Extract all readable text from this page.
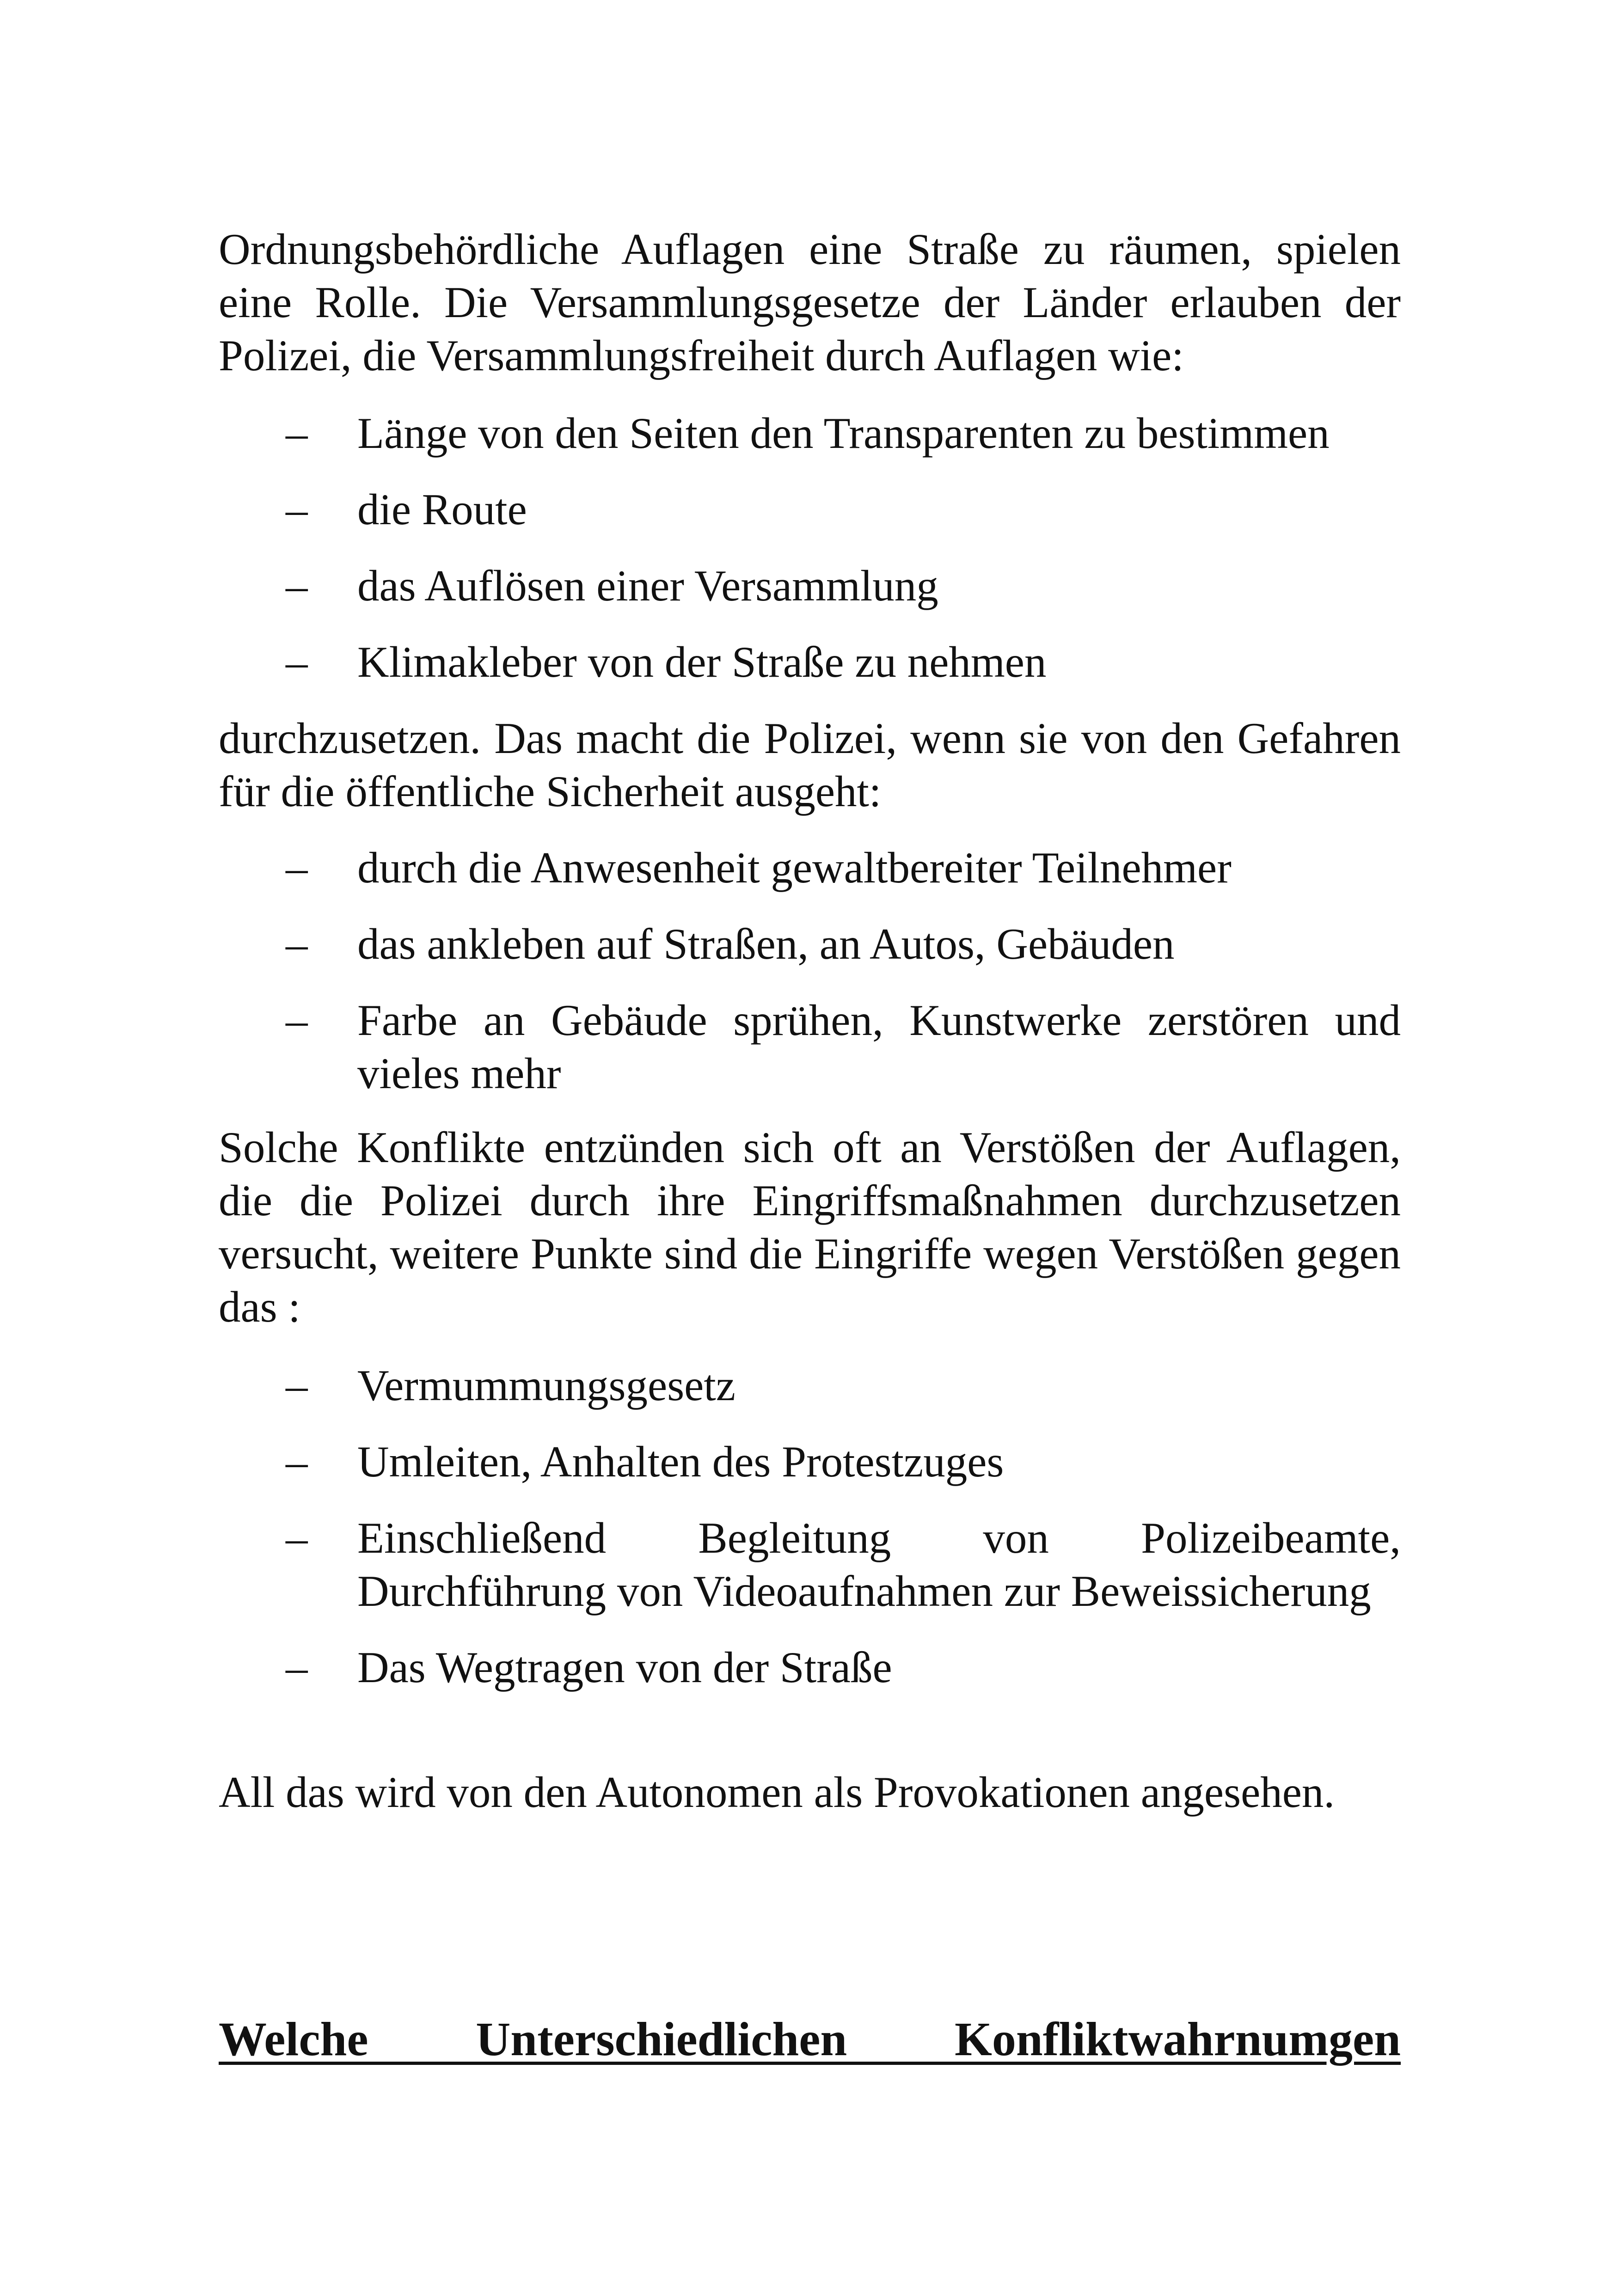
Ordnungsbehördliche Auflagen eine Straße zu räumen, spielen eine Rolle. Die Versammlungsgesetze der Länder erlauben der Polizei, die Versammlungsfreiheit durch Auflagen wie:

–	Länge von den Seiten den Transparenten zu bestimmen
–	die Route
–	das Auflösen einer Versammlung
–	Klimakleber von der Straße zu nehmen

durchzusetzen. Das macht die Polizei, wenn sie von den Gefahren für die öffentliche Sicherheit ausgeht:

–	durch die Anwesenheit gewaltbereiter Teilnehmer
–	das ankleben auf Straßen, an Autos, Gebäuden
–	Farbe an Gebäude sprühen, Kunstwerke zerstören und vieles mehr

Solche Konflikte entzünden sich oft an Verstößen der Auflagen, die die Polizei durch ihre Eingriffsmaßnahmen durchzusetzen versucht, weitere Punkte sind die Eingriffe wegen Verstößen gegen das :

–	Vermummungsgesetz
–	Umleiten, Anhalten des Protestzuges
–	Einschließend Begleitung von Polizeibeamte, Durchführung von Videoaufnahmen zur Beweissicherung
–	Das Wegtragen von der Straße

All das wird von den Autonomen als Provokationen angesehen.

Welche Unterschiedlichen Konfliktwahrnumgen
